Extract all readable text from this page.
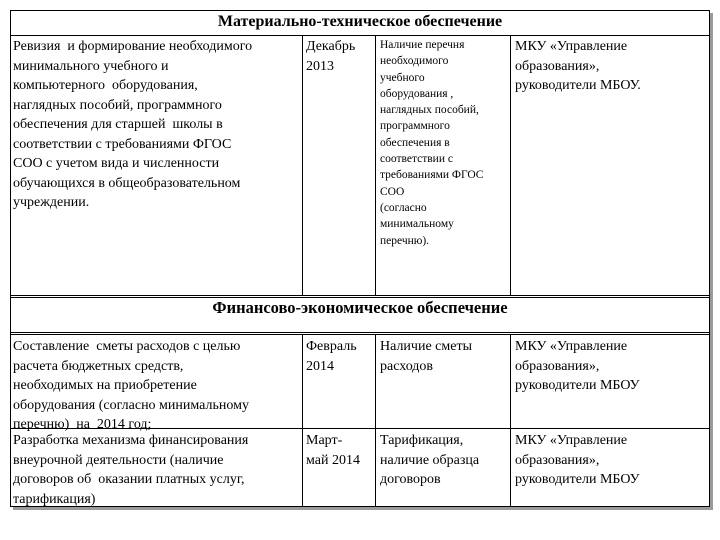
Материально-техническое обеспечение
Ревизия  и формирование необходимого
минимального учебного и
компьютерного  оборудования,
наглядных пособий, программного
обеспечения для старшей  школы в
соответствии с требованиями ФГОС
СОО с учетом вида и численности
обучающихся в общеобразовательном
учреждении.
Декабрь
2013
Наличие перечня
необходимого
учебного
оборудования ,
наглядных пособий,
программного
обеспечения в
соответствии с
требованиями ФГОС
СОО
(согласно
минимальному
перечню).
МКУ «Управление
образования»,
руководители МБОУ.
Финансово-экономическое обеспечение
Составление  сметы расходов с целью
расчета бюджетных средств,
необходимых на приобретение
оборудования (согласно минимальному
перечню)  на  2014 год;
Февраль
2014
Наличие сметы
расходов
МКУ «Управление
образования»,
руководители МБОУ
Разработка механизма финансирования
внеурочной деятельности (наличие
договоров об  оказании платных услуг,
тарификация)
Март-
май 2014
Тарификация,
наличие образца
договоров
МКУ «Управление
образования»,
руководители МБОУ
